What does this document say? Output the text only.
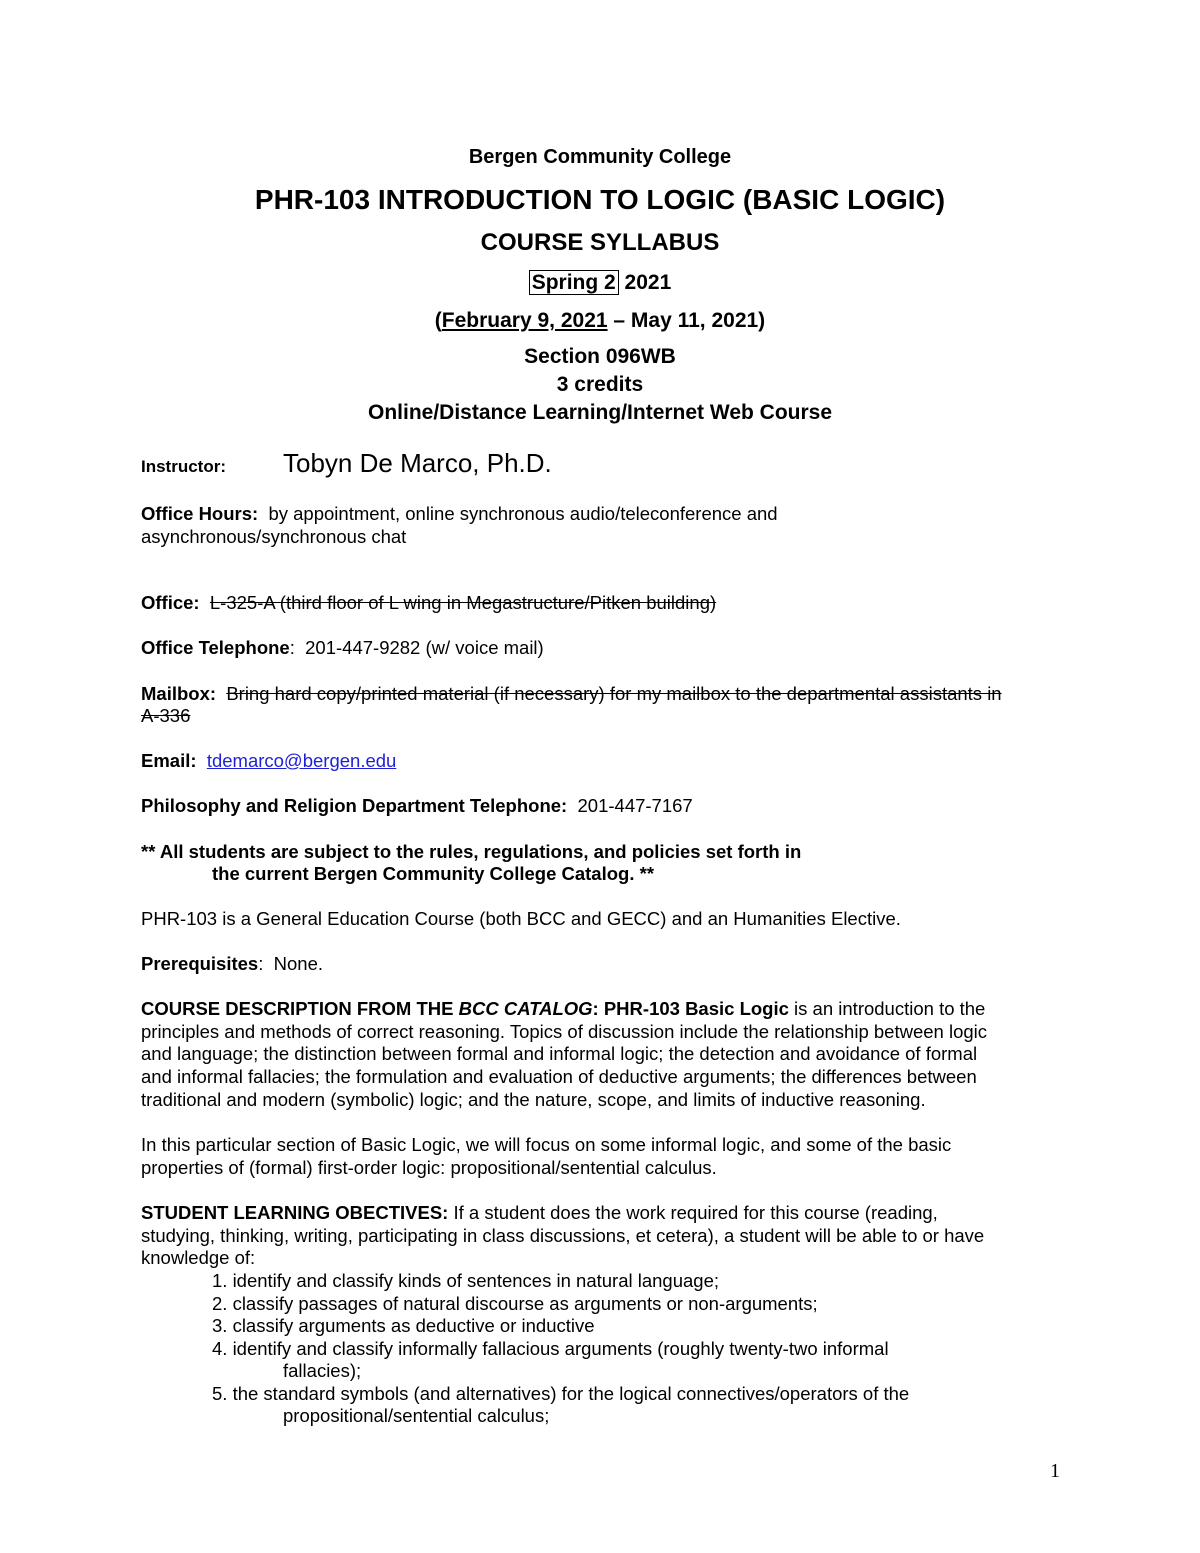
Bergen Community College
PHR-103 INTRODUCTION TO LOGIC (BASIC LOGIC)
COURSE SYLLABUS
Spring 2 2021
(February 9, 2021 – May 11, 2021)
Section 096WB
3 credits
Online/Distance Learning/Internet Web Course
Instructor: Tobyn De Marco, Ph.D.
Office Hours: by appointment, online synchronous audio/teleconference and
asynchronous/synchronous chat
Office: L-325-A (third floor of L wing in Megastructure/Pitken building)
Office Telephone: 201-447-9282 (w/ voice mail)
Mailbox: Bring hard copy/printed material (if necessary) for my mailbox to the departmental assistants in
A-336
Email: tdemarco@bergen.edu
Philosophy and Religion Department Telephone: 201-447-7167
** All students are subject to the rules, regulations, and policies set forth in
the current Bergen Community College Catalog. **
PHR-103 is a General Education Course (both BCC and GECC) and an Humanities Elective.
Prerequisites: None.
COURSE DESCRIPTION FROM THE BCC CATALOG: PHR-103 Basic Logic is an introduction to the
principles and methods of correct reasoning. Topics of discussion include the relationship between logic
and language; the distinction between formal and informal logic; the detection and avoidance of formal
and informal fallacies; the formulation and evaluation of deductive arguments; the differences between
traditional and modern (symbolic) logic; and the nature, scope, and limits of inductive reasoning.
In this particular section of Basic Logic, we will focus on some informal logic, and some of the basic
properties of (formal) first-order logic: propositional/sentential calculus.
STUDENT LEARNING OBECTIVES: If a student does the work required for this course (reading,
studying, thinking, writing, participating in class discussions, et cetera), a student will be able to or have
knowledge of:
1. identify and classify kinds of sentences in natural language;
2. classify passages of natural discourse as arguments or non-arguments;
3. classify arguments as deductive or inductive
4. identify and classify informally fallacious arguments (roughly twenty-two informal
fallacies);
5. the standard symbols (and alternatives) for the logical connectives/operators of the
propositional/sentential calculus;
1
